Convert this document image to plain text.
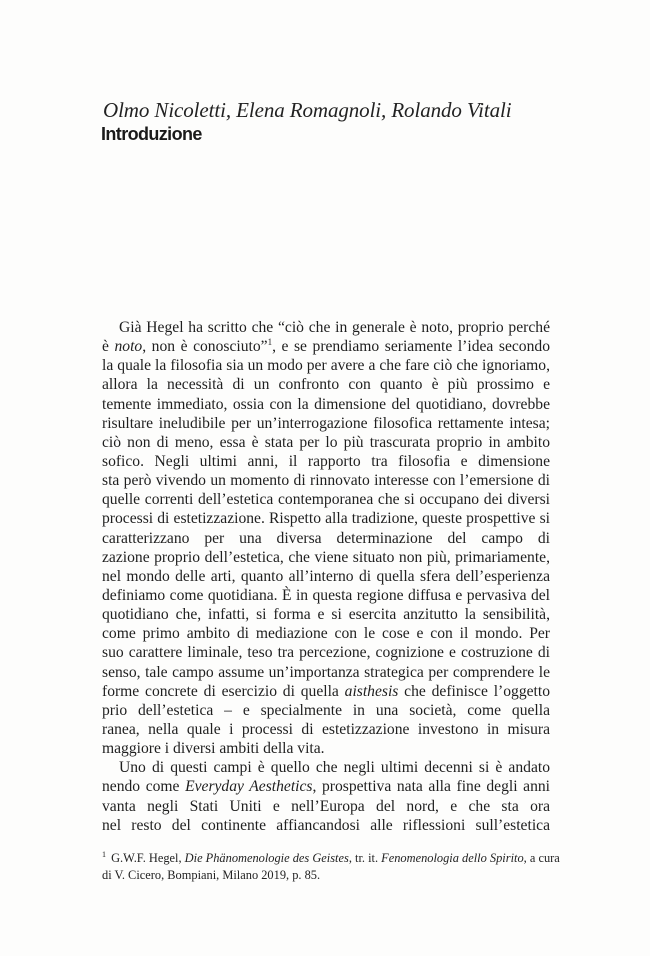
Olmo Nicoletti, Elena Romagnoli, Rolando Vitali
Introduzione
Già Hegel ha scritto che “ciò che in generale è noto, proprio perché
è noto, non è conosciuto”$^1$, e se prendiamo seriamente l’idea secondo
la quale la filosofia sia un modo per avere a che fare ciò che ignoriamo,
allora la necessità di un confronto con quanto è più prossimo e
temente immediato, ossia con la dimensione del quotidiano, dovrebbe
risultare ineludibile per un’interrogazione filosofica rettamente intesa;
ciò non di meno, essa è stata per lo più trascurata proprio in ambito
sofico. Negli ultimi anni, il rapporto tra filosofia e dimensione
sta però vivendo un momento di rinnovato interesse con l’emersione di
quelle correnti dell’estetica contemporanea che si occupano dei diversi
processi di estetizzazione. Rispetto alla tradizione, queste prospettive si
caratterizzano per una diversa determinazione del campo di
zazione proprio dell’estetica, che viene situato non più, primariamente,
nel mondo delle arti, quanto all’interno di quella sfera dell’esperienza
definiamo come quotidiana. È in questa regione diffusa e pervasiva del
quotidiano che, infatti, si forma e si esercita anzitutto la sensibilità,
come primo ambito di mediazione con le cose e con il mondo. Per
suo carattere liminale, teso tra percezione, cognizione e costruzione di
senso, tale campo assume un’importanza strategica per comprendere le
forme concrete di esercizio di quella aisthesis che definisce l’oggetto
prio dell’estetica – e specialmente in una società, come quella
ranea, nella quale i processi di estetizzazione investono in misura
maggiore i diversi ambiti della vita.
Uno di questi campi è quello che negli ultimi decenni si è andato
nendo come Everyday Aesthetics, prospettiva nata alla fine degli anni
vanta negli Stati Uniti e nell’Europa del nord, e che sta ora
nel resto del continente affiancandosi alle riflessioni sull’estetica
$^1$ G.W.F. Hegel, Die Phänomenologie des Geistes, tr. it. Fenomenologia dello Spirito, a cura
di V. Cicero, Bompiani, Milano 2019, p. 85.
